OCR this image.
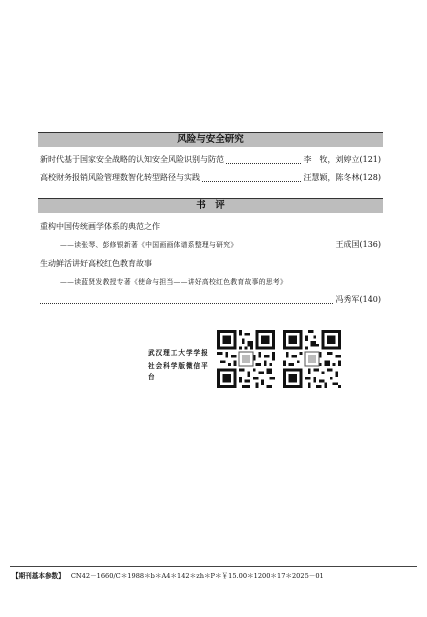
风险与安全研究
新时代基于国家安全战略的认知安全风险识别与防范	李　牧，刘婷立(121)
高校财务报销风险管理数智化转型路径与实践	汪慧颖，陈冬林(128)
书　评
重构中国传统画学体系的典范之作
——读张琴、彭修银新著《中国画画体谱系整理与研究》	王成国(136)
生动鲜活讲好高校红色教育故事
——读蓝贤发教授专著《使命与担当——讲好高校红色教育故事的思考》
冯秀军(140)
武汉理工大学学报
社会科学版微信平台
【期刊基本参数】 CN42－1660/C＊1988＊b＊A4＊142＊zh＊P＊￥15.00＊1200＊17＊2025－01
